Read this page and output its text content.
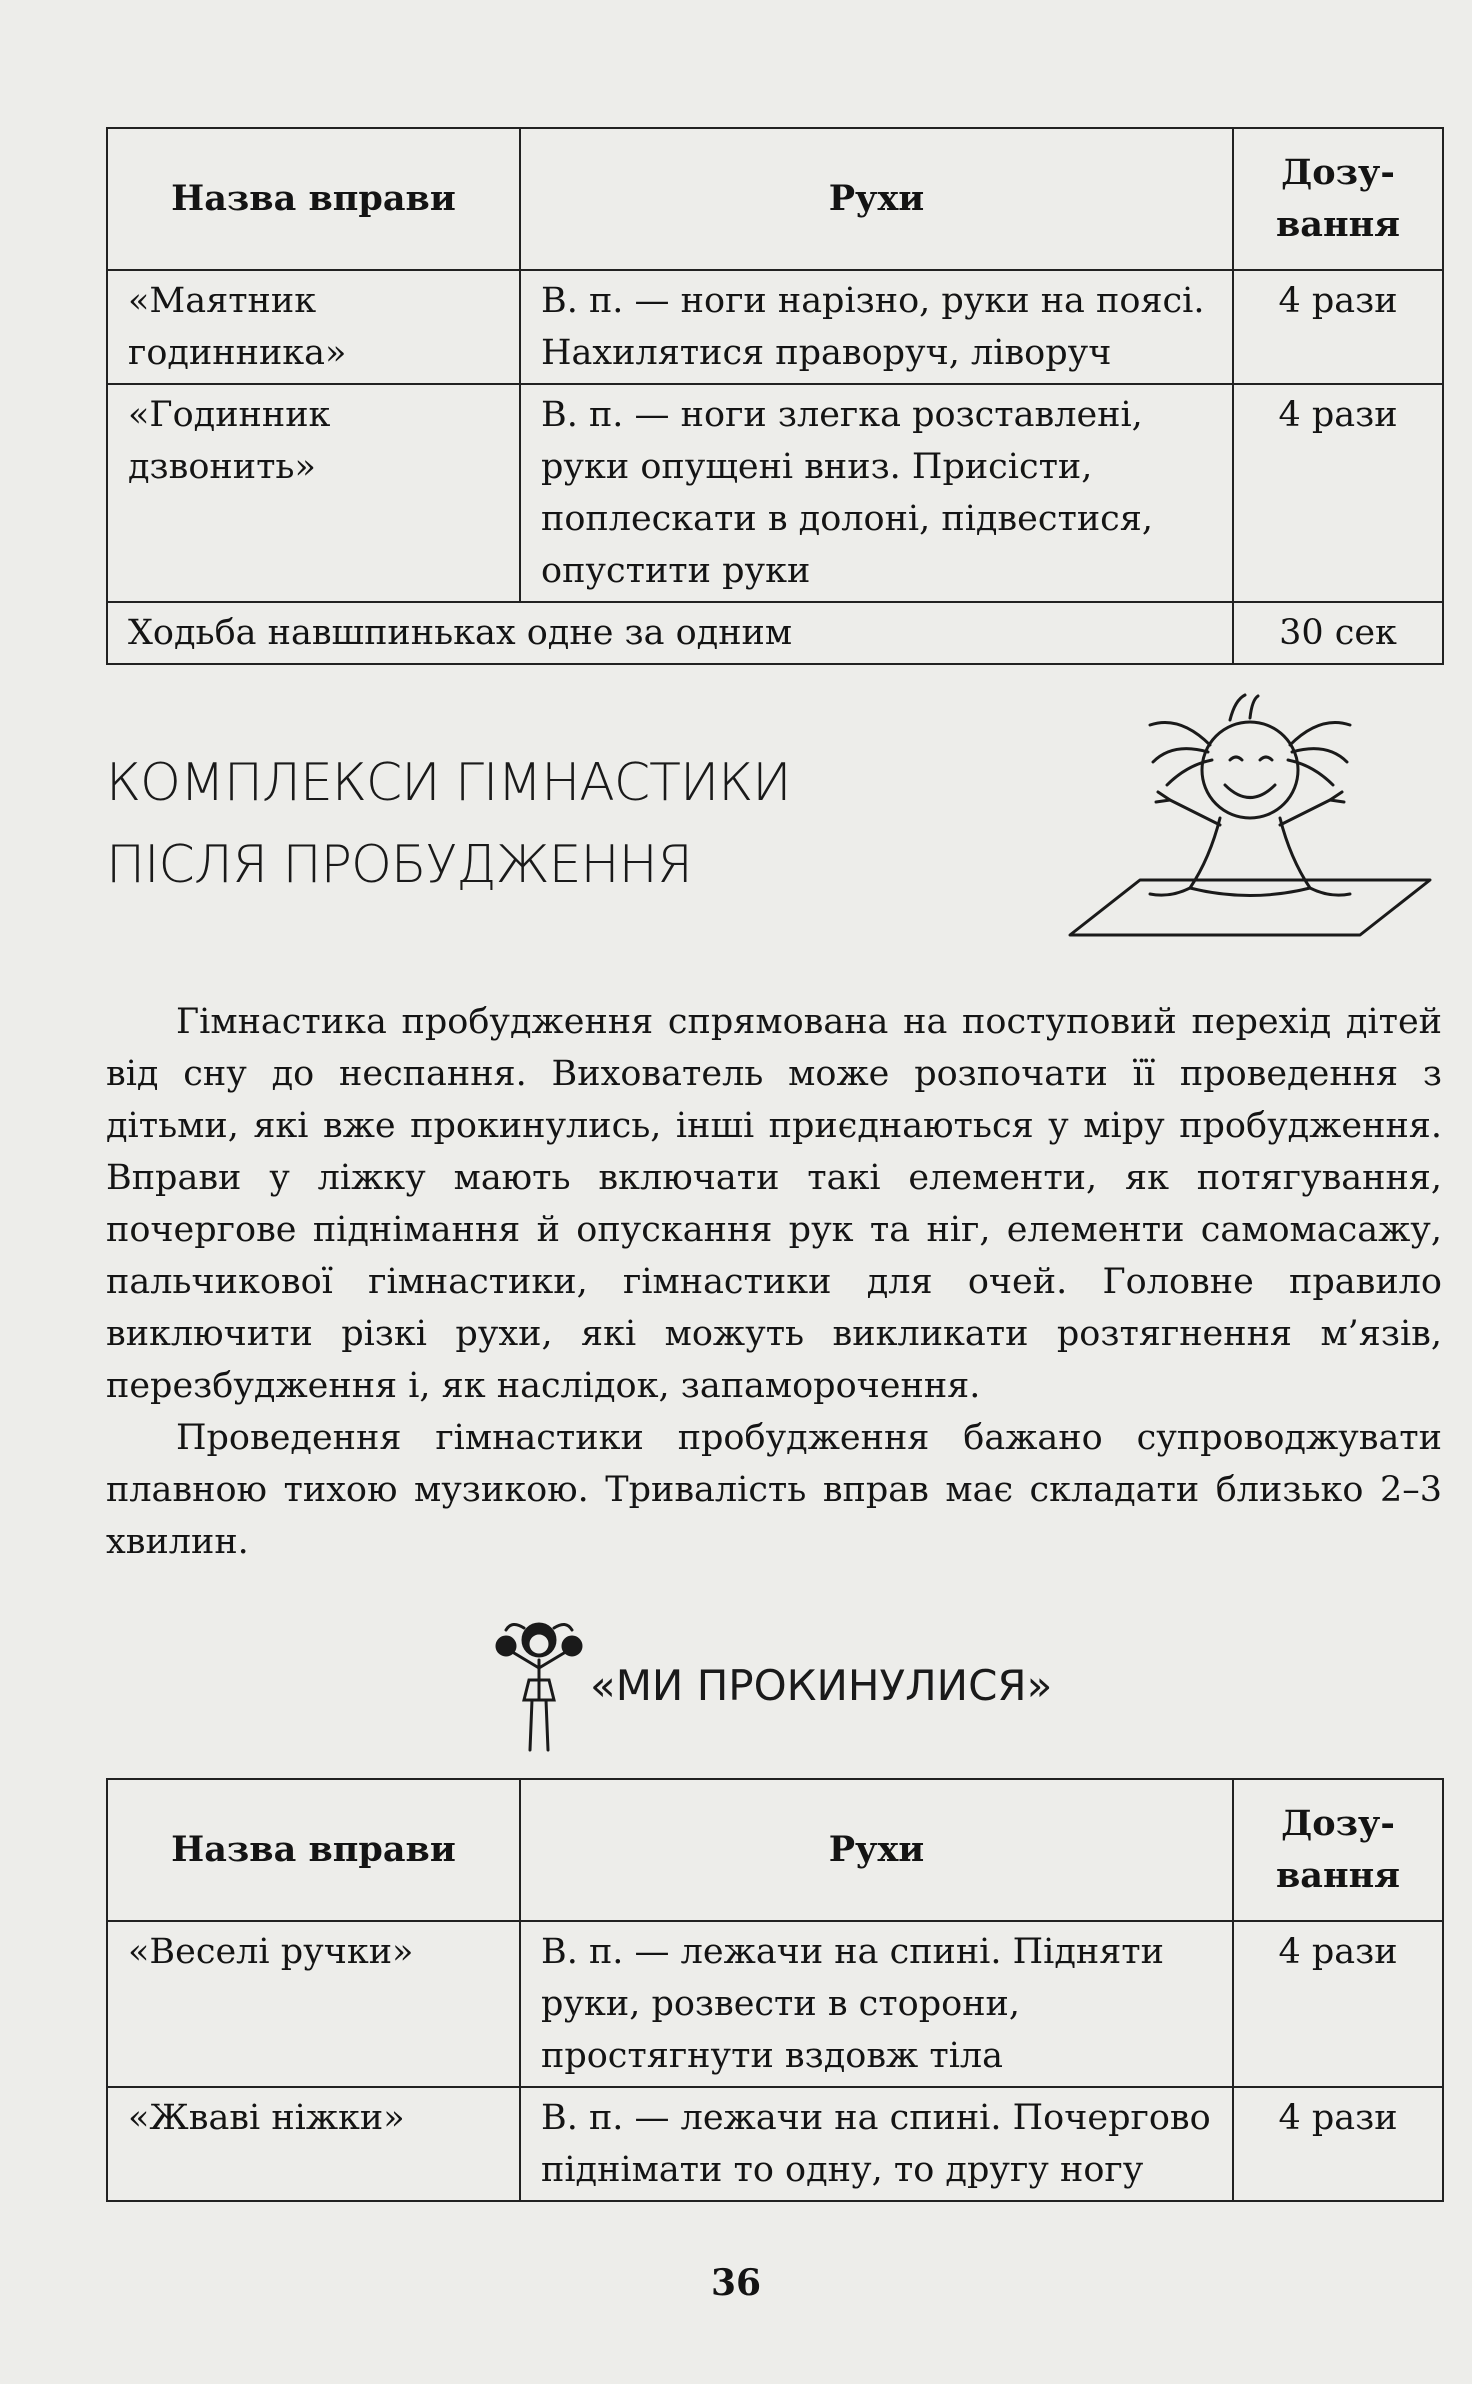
Назва вправи	Рухи	Дозу- вання
«Маятник годинника»	В. п. — ноги нарізно, руки на поясі. Нахилятися праворуч, ліворуч	4 рази
«Годинник дзвонить»	В. п. — ноги злегка розставлені, руки опущені вниз. Присісти, поплескати в долоні, підвестися, опустити руки	4 рази
Ходьба навшпиньках одне за одним		30 сек
КОМПЛЕКСИ ГІМНАСТИКИ
ПІСЛЯ ПРОБУДЖЕННЯ

Гімнастика пробудження спрямована на поступовий перехід дітей від сну до неспання. Вихователь може розпочати її проведення з дітьми, які вже прокинулись, інші приєднаються у міру пробудження. Вправи у ліжку мають включати такі елементи, як потягування, почергове піднімання й опускання рук та ніг, елементи самомасажу, пальчикової гімнастики, гімнастики для очей. Головне правило виключити різкі рухи, які можуть викликати розтягнення м’язів, перезбудження і, як наслідок, запаморочення.

Проведення гімнастики пробудження бажано супроводжувати плавною тихою музикою. Тривалість вправ має складати близько 2–3 хвилин.

«МИ ПРОКИНУЛИСЯ»
Назва вправи	Рухи	Дозу- вання
«Веселі ручки»	В. п. — лежачи на спині. Підняти руки, розвести в сторони, простягнути вздовж тіла	4 рази
«Жваві ніжки»	В. п. — лежачи на спині. Почергово піднімати то одну, то другу ногу	4 рази
36
